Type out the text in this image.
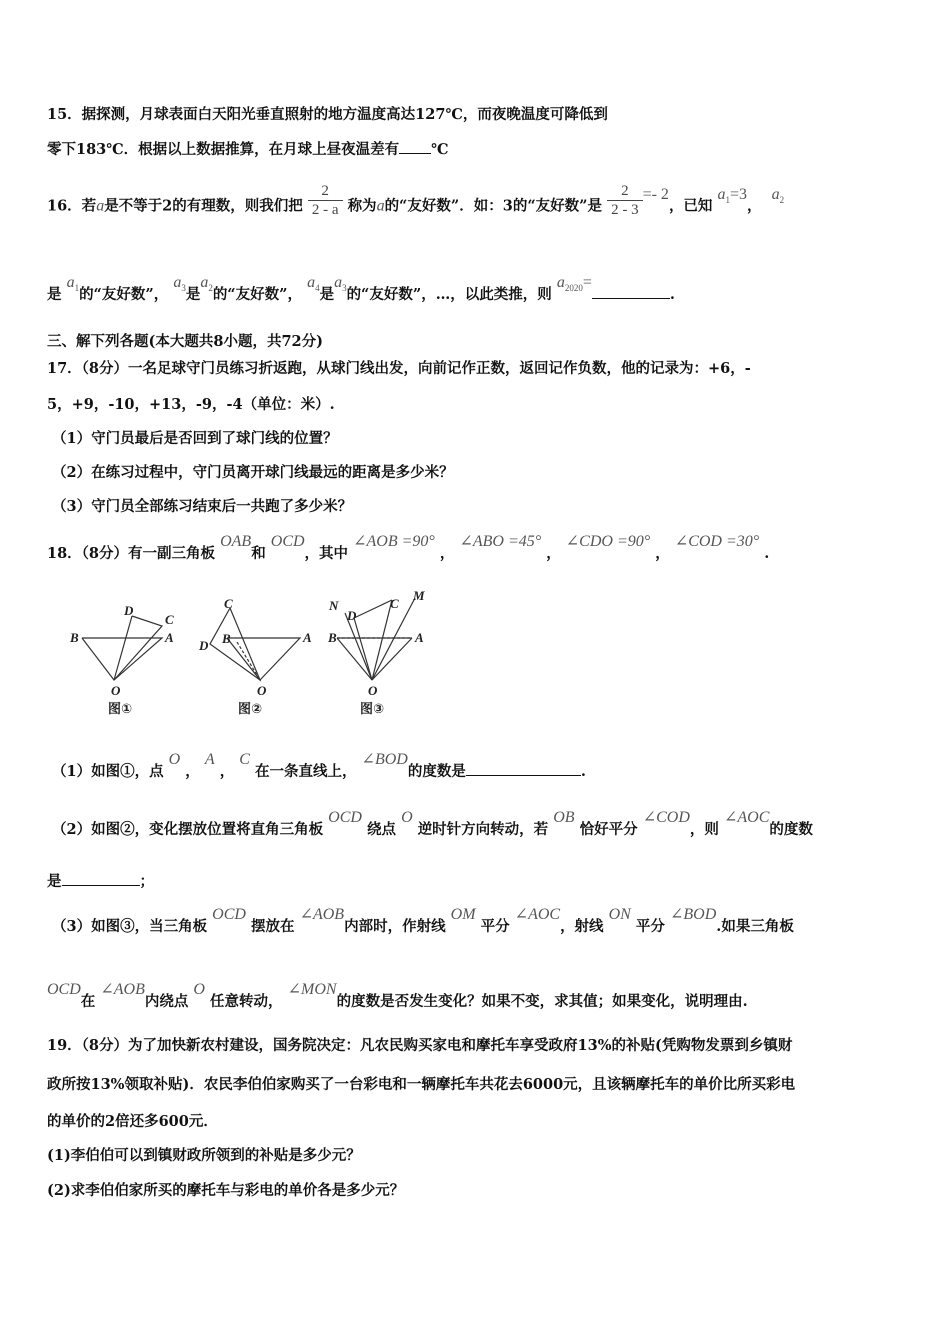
15．据探测，月球表面白天阳光垂直照射的地方温度高达127℃，而夜晚温度可降低到
零下183℃．根据以上数据推算，在月球上昼夜温差有 ℃
16．若a是不等于2的有理数，则我们把 $\frac{2}{2 - a}$ 称为a的“友好数”．如：3的“友好数”是 $\frac{2}{2 - 3} =- 2$，已知 $a_1=3$，  $a_2$
是 $a_1$的“友好数”， $a_3$是$a_2$的“友好数”， $a_4$是$a_3$的“友好数”，…，以此类推，则 $a_{2020}=$.
三、解下列各题(本大题共8小题，共72分)
17．（8分）一名足球守门员练习折返跑，从球门线出发，向前记作正数，返回记作负数，他的记录为：+6，-
5，+9，-10，+13，-9，-4（单位：米）.
（1）守门员最后是否回到了球门线的位置？
（2）在练习过程中，守门员离开球门线最远的距离是多少米？
（3）守门员全部练习结束后一共跑了多少米？
18．（8分）有一副三角板 OAB和 OCD，其中 ∠AOB =90° ， ∠ABO =45° ， ∠CDO =90° ， ∠COD =30° .
B	A
D
C
O
C
B
D
A
O
N
D
C
M
B	A
O
图①	图②	图③
（1）如图①，点 O ， A ， C 在一条直线上， ∠BOD的度数是	.
（2）如图②，变化摆放位置将直角三角板 OCD 绕点 O 逆时针方向转动，若 OB 恰好平分 ∠COD，则 ∠AOC的度数
是	；
（3）如图③，当三角板 OCD 摆放在 ∠AOB内部时，作射线 OM 平分 ∠AOC，射线 ON 平分 ∠BOD.如果三角板
OCD在 ∠AOB内绕点 O 任意转动， ∠MON的度数是否发生变化？如果不变，求其值；如果变化，说明理由.
19．（8分）为了加快新农村建设，国务院决定：凡农民购买家电和摩托车享受政府13%的补贴(凭购物发票到乡镇财
政所按13%领取补贴)．农民李伯伯家购买了一台彩电和一辆摩托车共花去6000元，且该辆摩托车的单价比所买彩电
的单价的2倍还多600元．
(1)李伯伯可以到镇财政所领到的补贴是多少元？
(2)求李伯伯家所买的摩托车与彩电的单价各是多少元？
